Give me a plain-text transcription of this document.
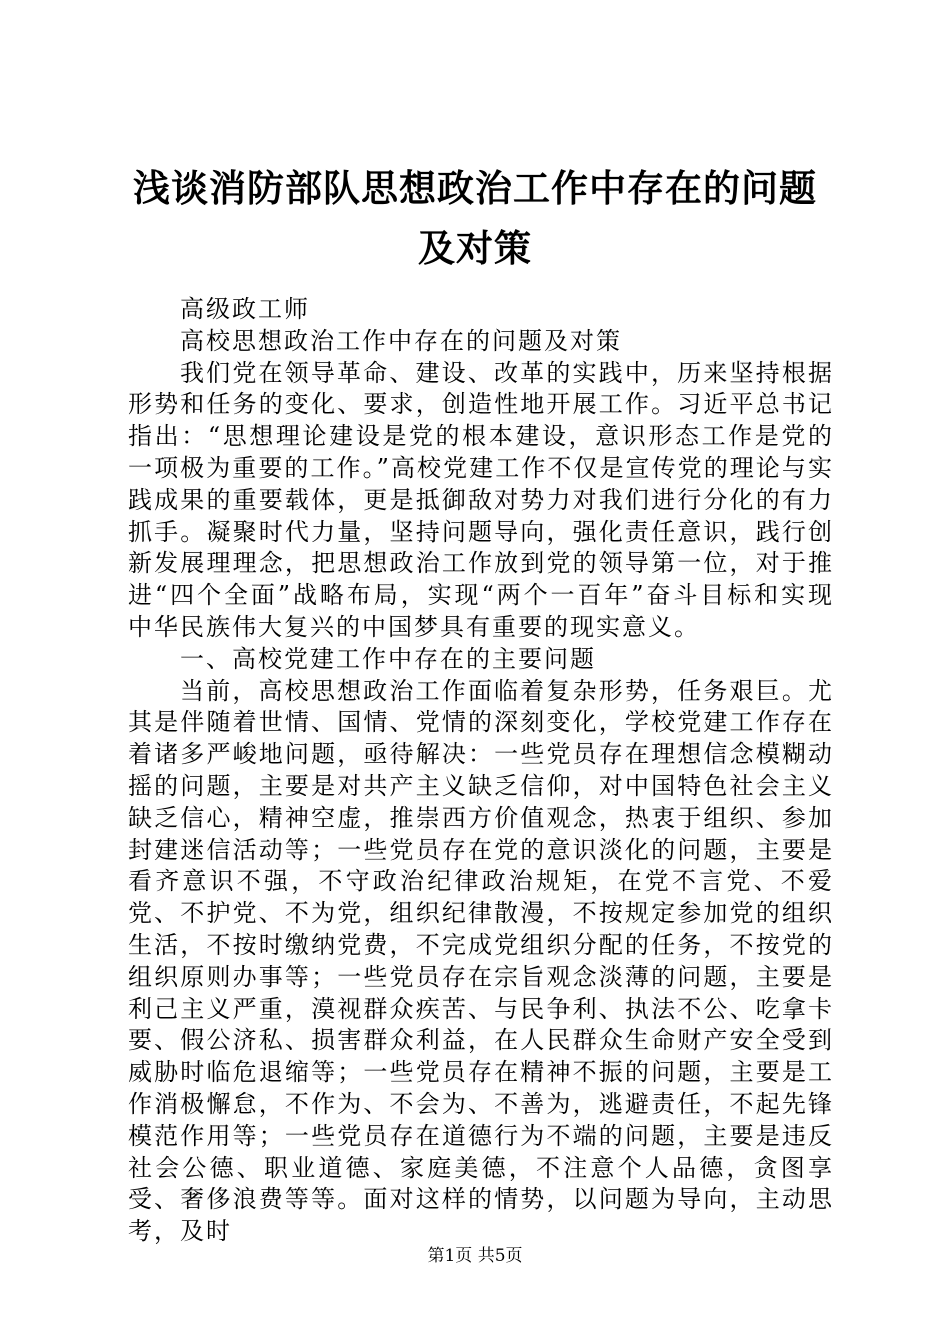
浅谈消防部队思想政治工作中存在的问题及对策

高级政工师

高校思想政治工作中存在的问题及对策

我们党在领导革命、建设、改革的实践中，历来坚持根据形势和任务的变化、要求，创造性地开展工作。习近平总书记指出：“思想理论建设是党的根本建设，意识形态工作是党的一项极为重要的工作。”高校党建工作不仅是宣传党的理论与实践成果的重要载体，更是抵御敌对势力对我们进行分化的有力抓手。凝聚时代力量，坚持问题导向，强化责任意识，践行创新发展理理念，把思想政治工作放到党的领导第一位，对于推进“四个全面”战略布局，实现“两个一百年”奋斗目标和实现中华民族伟大复兴的中国梦具有重要的现实意义。

一、高校党建工作中存在的主要问题

当前，高校思想政治工作面临着复杂形势，任务艰巨。尤其是伴随着世情、国情、党情的深刻变化，学校党建工作存在着诸多严峻地问题，亟待解决：一些党员存在理想信念模糊动摇的问题，主要是对共产主义缺乏信仰，对中国特色社会主义缺乏信心，精神空虚，推崇西方价值观念，热衷于组织、参加封建迷信活动等；一些党员存在党的意识淡化的问题，主要是看齐意识不强，不守政治纪律政治规矩，在党不言党、不爱党、不护党、不为党，组织纪律散漫，不按规定参加党的组织生活，不按时缴纳党费，不完成党组织分配的任务，不按党的组织原则办事等；一些党员存在宗旨观念淡薄的问题，主要是利己主义严重，漠视群众疾苦、与民争利、执法不公、吃拿卡要、假公济私、损害群众利益，在人民群众生命财产安全受到威胁时临危退缩等；一些党员存在精神不振的问题，主要是工作消极懈怠，不作为、不会为、不善为，逃避责任，不起先锋模范作用等；一些党员存在道德行为不端的问题，主要是违反社会公德、职业道德、家庭美德，不注意个人品德，贪图享受、奢侈浪费等等。面对这样的情势，以问题为导向，主动思考，及时

第1页 共5页
